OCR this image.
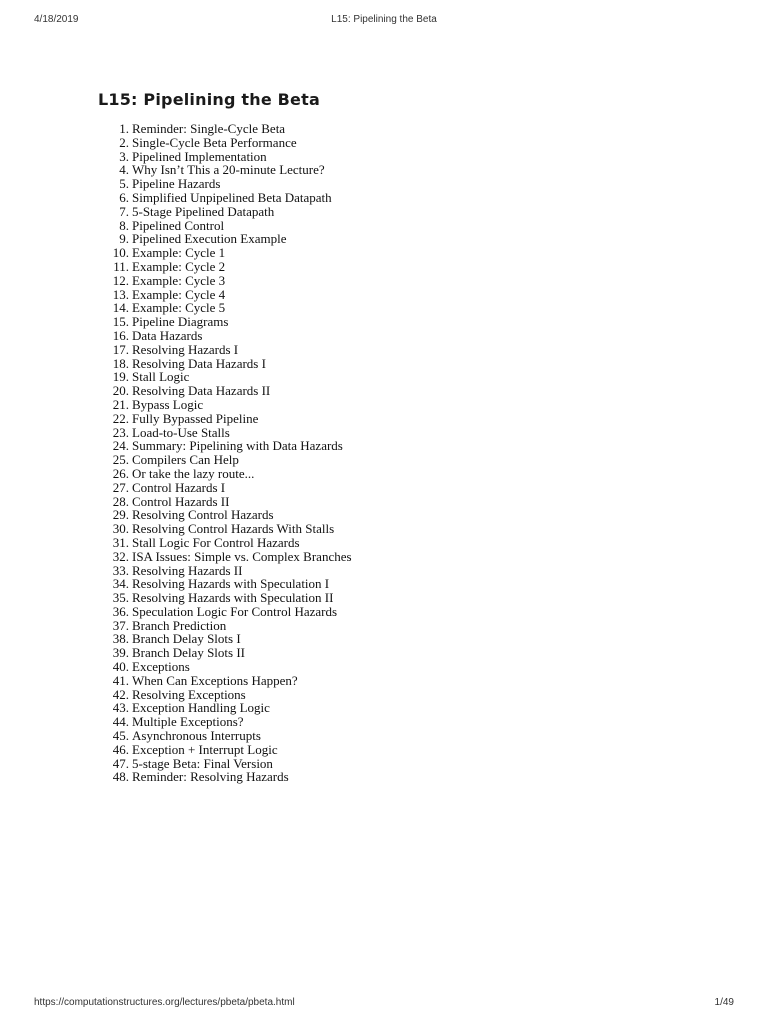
4/18/2019	L15: Pipelining the Beta
L15: Pipelining the Beta
1. Reminder: Single-Cycle Beta
2. Single-Cycle Beta Performance
3. Pipelined Implementation
4. Why Isn’t This a 20-minute Lecture?
5. Pipeline Hazards
6. Simplified Unpipelined Beta Datapath
7. 5-Stage Pipelined Datapath
8. Pipelined Control
9. Pipelined Execution Example
10. Example: Cycle 1
11. Example: Cycle 2
12. Example: Cycle 3
13. Example: Cycle 4
14. Example: Cycle 5
15. Pipeline Diagrams
16. Data Hazards
17. Resolving Hazards I
18. Resolving Data Hazards I
19. Stall Logic
20. Resolving Data Hazards II
21. Bypass Logic
22. Fully Bypassed Pipeline
23. Load-to-Use Stalls
24. Summary: Pipelining with Data Hazards
25. Compilers Can Help
26. Or take the lazy route...
27. Control Hazards I
28. Control Hazards II
29. Resolving Control Hazards
30. Resolving Control Hazards With Stalls
31. Stall Logic For Control Hazards
32. ISA Issues: Simple vs. Complex Branches
33. Resolving Hazards II
34. Resolving Hazards with Speculation I
35. Resolving Hazards with Speculation II
36. Speculation Logic For Control Hazards
37. Branch Prediction
38. Branch Delay Slots I
39. Branch Delay Slots II
40. Exceptions
41. When Can Exceptions Happen?
42. Resolving Exceptions
43. Exception Handling Logic
44. Multiple Exceptions?
45. Asynchronous Interrupts
46. Exception + Interrupt Logic
47. 5-stage Beta: Final Version
48. Reminder: Resolving Hazards
https://computationstructures.org/lectures/pbeta/pbeta.html	1/49
